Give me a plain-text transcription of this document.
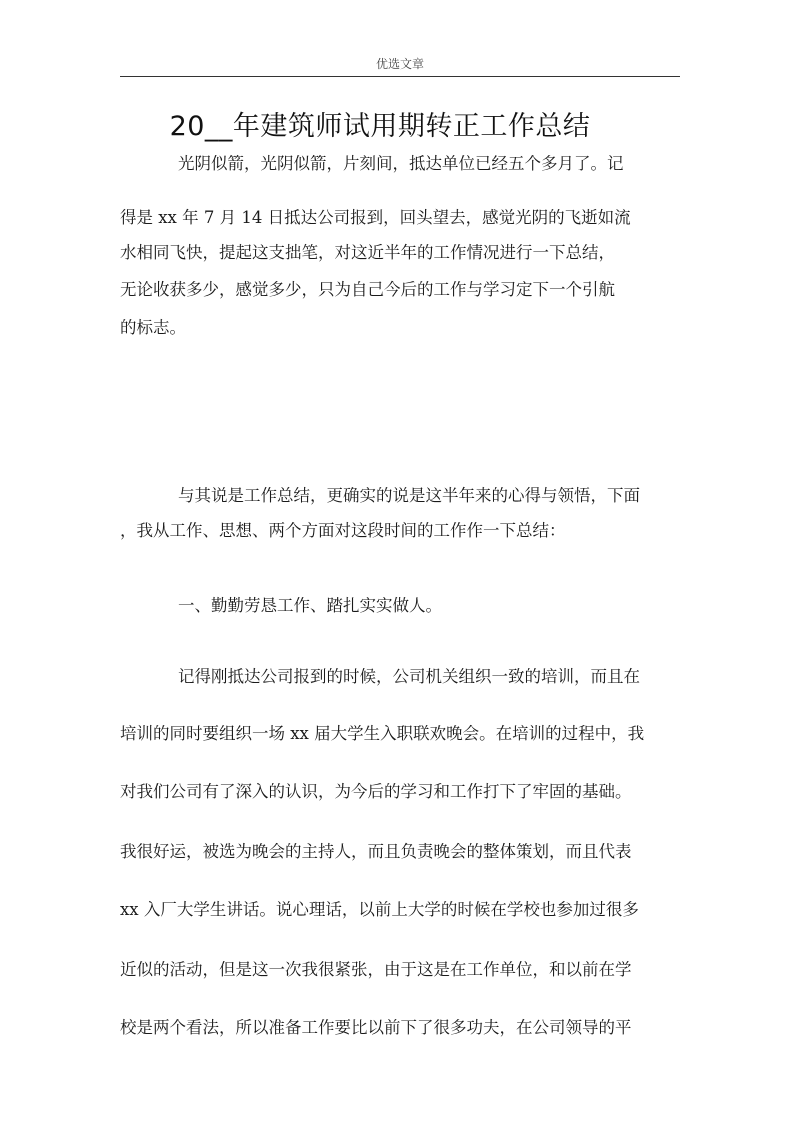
优选文章
20__年建筑师试用期转正工作总结
光阴似箭，光阴似箭，片刻间，抵达单位已经五个多月了。记
得是 xx 年 7 月 14 日抵达公司报到，回头望去，感觉光阴的飞逝如流
水相同飞快，提起这支拙笔，对这近半年的工作情况进行一下总结，
无论收获多少，感觉多少，只为自己今后的工作与学习定下一个引航
的标志。
与其说是工作总结，更确实的说是这半年来的心得与领悟，下面
，我从工作、思想、两个方面对这段时间的工作作一下总结：
一、勤勤劳恳工作、踏扎实实做人。
记得刚抵达公司报到的时候，公司机关组织一致的培训，而且在
培训的同时要组织一场 xx 届大学生入职联欢晚会。在培训的过程中，我
对我们公司有了深入的认识，为今后的学习和工作打下了牢固的基础。
我很好运，被选为晚会的主持人，而且负责晚会的整体策划，而且代表
xx 入厂大学生讲话。说心理话，以前上大学的时候在学校也参加过很多
近似的活动，但是这一次我很紧张，由于这是在工作单位，和以前在学
校是两个看法，所以准备工作要比以前下了很多功夫，在公司领导的平
